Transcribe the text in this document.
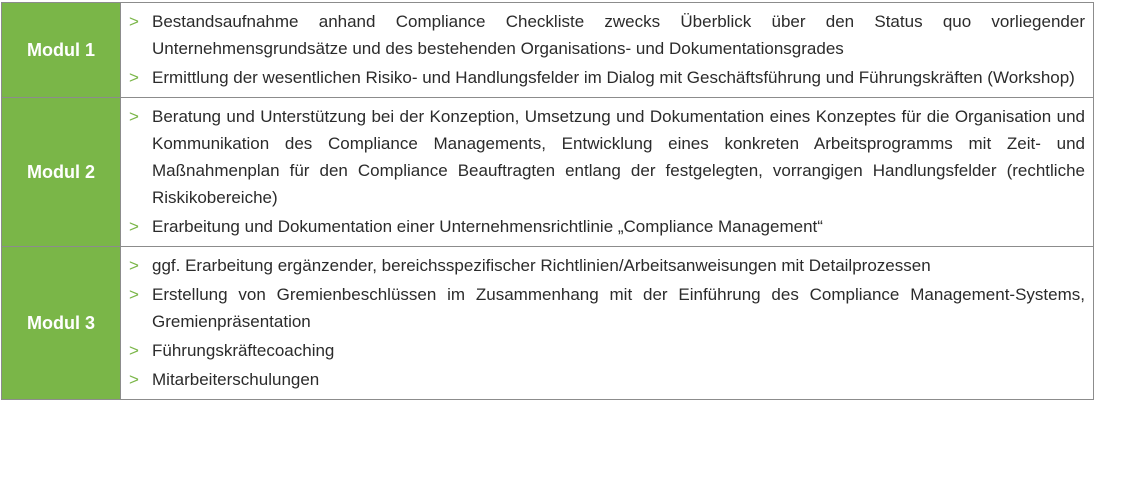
Modul 1
> Bestandsaufnahme anhand Compliance Checkliste zwecks Überblick über den Status quo vorliegender Unternehmensgrundsätze und des bestehenden Organisations- und Dokumentationsgrades
> Ermittlung der wesentlichen Risiko- und Handlungsfelder im Dialog mit Geschäftsführung und Führungskräften (Workshop)
Modul 2
> Beratung und Unterstützung bei der Konzeption, Umsetzung und Dokumentation eines Konzeptes für die Organisation und Kommunikation des Compliance Managements, Entwicklung eines konkreten Arbeitsprogramms mit Zeit- und Maßnahmenplan für den Compliance Beauftragten entlang der festgelegten, vorrangigen Handlungsfelder (rechtliche Riskikobereiche)
> Erarbeitung und Dokumentation einer Unternehmensrichtlinie „Compliance Management“
Modul 3
> ggf. Erarbeitung ergänzender, bereichsspezifischer Richtlinien/Arbeitsanweisungen mit Detailprozessen
> Erstellung von Gremienbeschlüssen im Zusammenhang mit der Einführung des Compliance Management-Systems, Gremienpräsentation
> Führungskräftecoaching
> Mitarbeiterschulungen
